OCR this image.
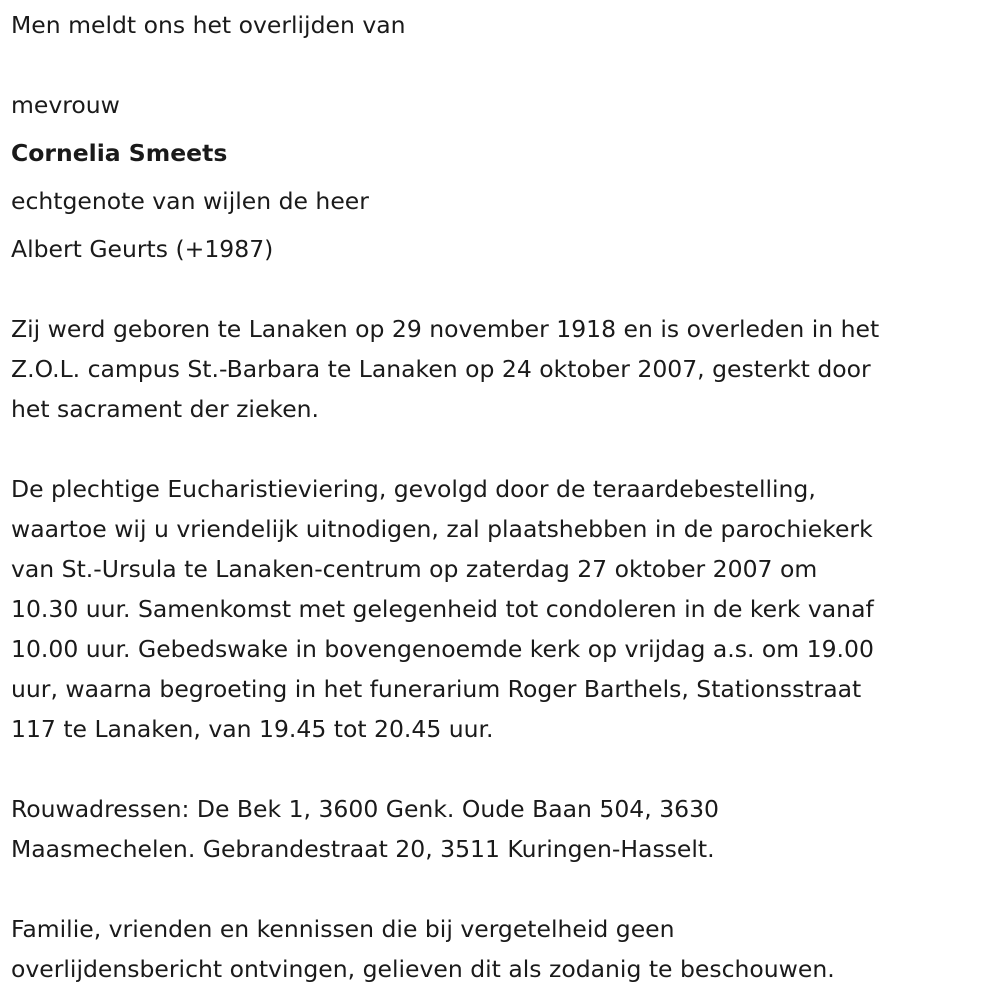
Men meldt ons het overlijden van
mevrouw
Cornelia Smeets
echtgenote van wijlen de heer
Albert Geurts (+1987)
Zij werd geboren te Lanaken op 29 november 1918 en is overleden in het
Z.O.L. campus St.-Barbara te Lanaken op 24 oktober 2007, gesterkt door
het sacrament der zieken.
De plechtige Eucharistieviering, gevolgd door de teraardebestelling,
waartoe wij u vriendelijk uitnodigen, zal plaatshebben in de parochiekerk
van St.-Ursula te Lanaken-centrum op zaterdag 27 oktober 2007 om
10.30 uur. Samenkomst met gelegenheid tot condoleren in de kerk vanaf
10.00 uur. Gebedswake in bovengenoemde kerk op vrijdag a.s. om 19.00
uur, waarna begroeting in het funerarium Roger Barthels, Stationsstraat
117 te Lanaken, van 19.45 tot 20.45 uur.
Rouwadressen: De Bek 1, 3600 Genk. Oude Baan 504, 3630
Maasmechelen. Gebrandestraat 20, 3511 Kuringen-Hasselt.
Familie, vrienden en kennissen die bij vergetelheid geen
overlijdensbericht ontvingen, gelieven dit als zodanig te beschouwen.
